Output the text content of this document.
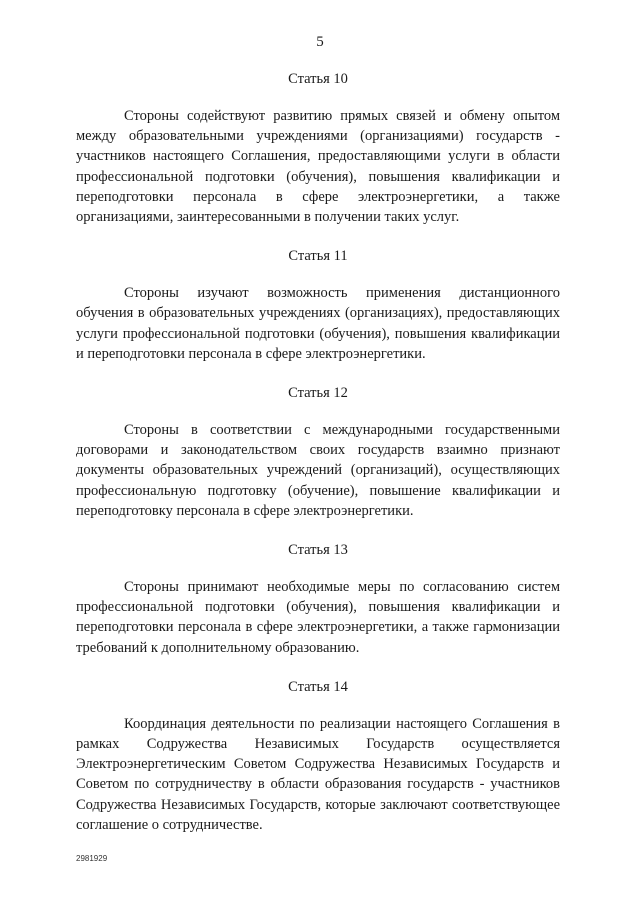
5
Статья 10

Стороны содействуют развитию прямых связей и обмену опытом между образовательными учреждениями (организациями) государств - участников настоящего Соглашения, предоставляющими услуги в области профессиональной подготовки (обучения), повышения квалификации и переподготовки персонала в сфере электроэнергетики, а также организациями, заинтересованными в получении таких услуг.

Статья 11

Стороны изучают возможность применения дистанционного обучения в образовательных учреждениях (организациях), предоставляющих услуги профессиональной подготовки (обучения), повышения квалификации и переподготовки персонала в сфере электроэнергетики.

Статья 12

Стороны в соответствии с международными государственными договорами и законодательством своих государств взаимно признают документы образовательных учреждений (организаций), осуществляющих профессиональную подготовку (обучение), повышение квалификации и переподготовку персонала в сфере электроэнергетики.

Статья 13

Стороны принимают необходимые меры по согласованию систем профессиональной подготовки (обучения), повышения квалификации и переподготовки персонала в сфере электроэнергетики, а также гармонизации требований к дополнительному образованию.

Статья 14

Координация деятельности по реализации настоящего Соглашения в рамках Содружества Независимых Государств осуществляется Электроэнергетическим Советом Содружества Независимых Государств и Советом по сотрудничеству в области образования государств - участников Содружества Независимых Государств, которые заключают соответствующее соглашение о сотрудничестве.

2981929
